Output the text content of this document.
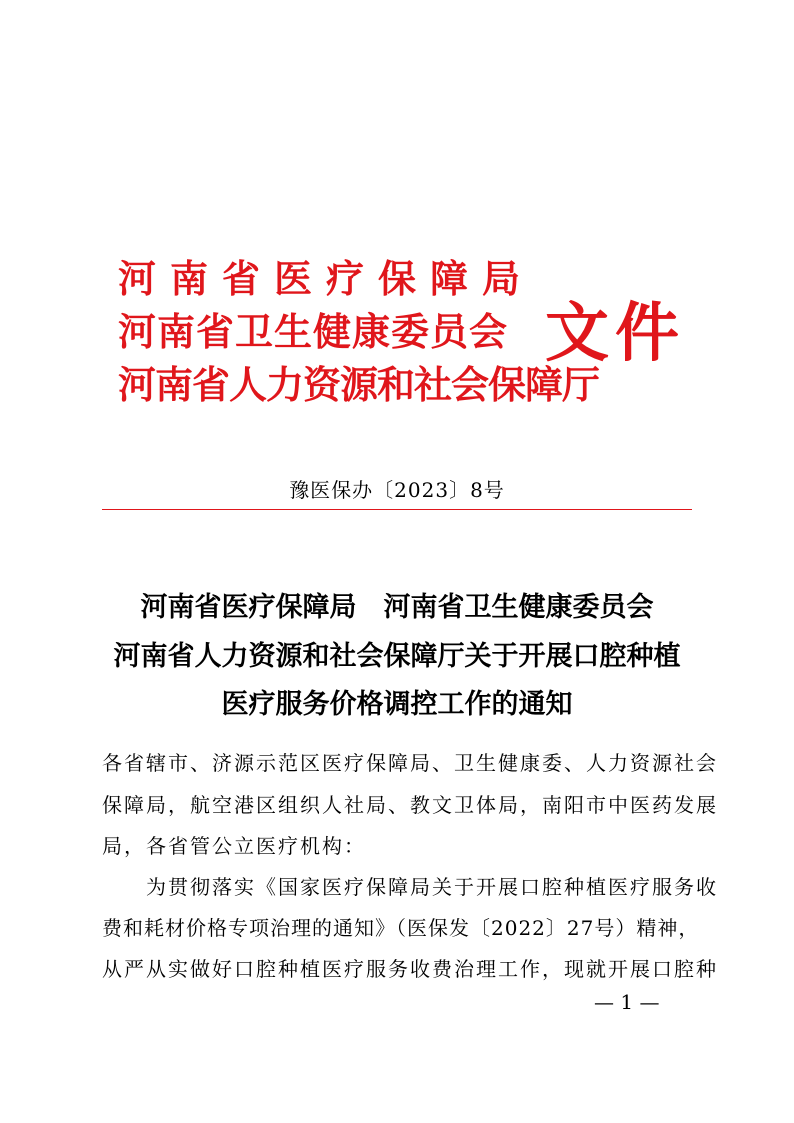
河南省医疗保障局
河南省卫生健康委员会
河南省人力资源和社会保障厅
文件
豫医保办〔2023〕8号
河南省医疗保障局　河南省卫生健康委员会
河南省人力资源和社会保障厅关于开展口腔种植
医疗服务价格调控工作的通知
各省辖市、济源示范区医疗保障局、卫生健康委、人力资源社会
保障局，航空港区组织人社局、教文卫体局，南阳市中医药发展
局，各省管公立医疗机构：
为贯彻落实《国家医疗保障局关于开展口腔种植医疗服务收
费和耗材价格专项治理的通知》（医保发〔2022〕27号）精神，
从严从实做好口腔种植医疗服务收费治理工作，现就开展口腔种
— 1 —
